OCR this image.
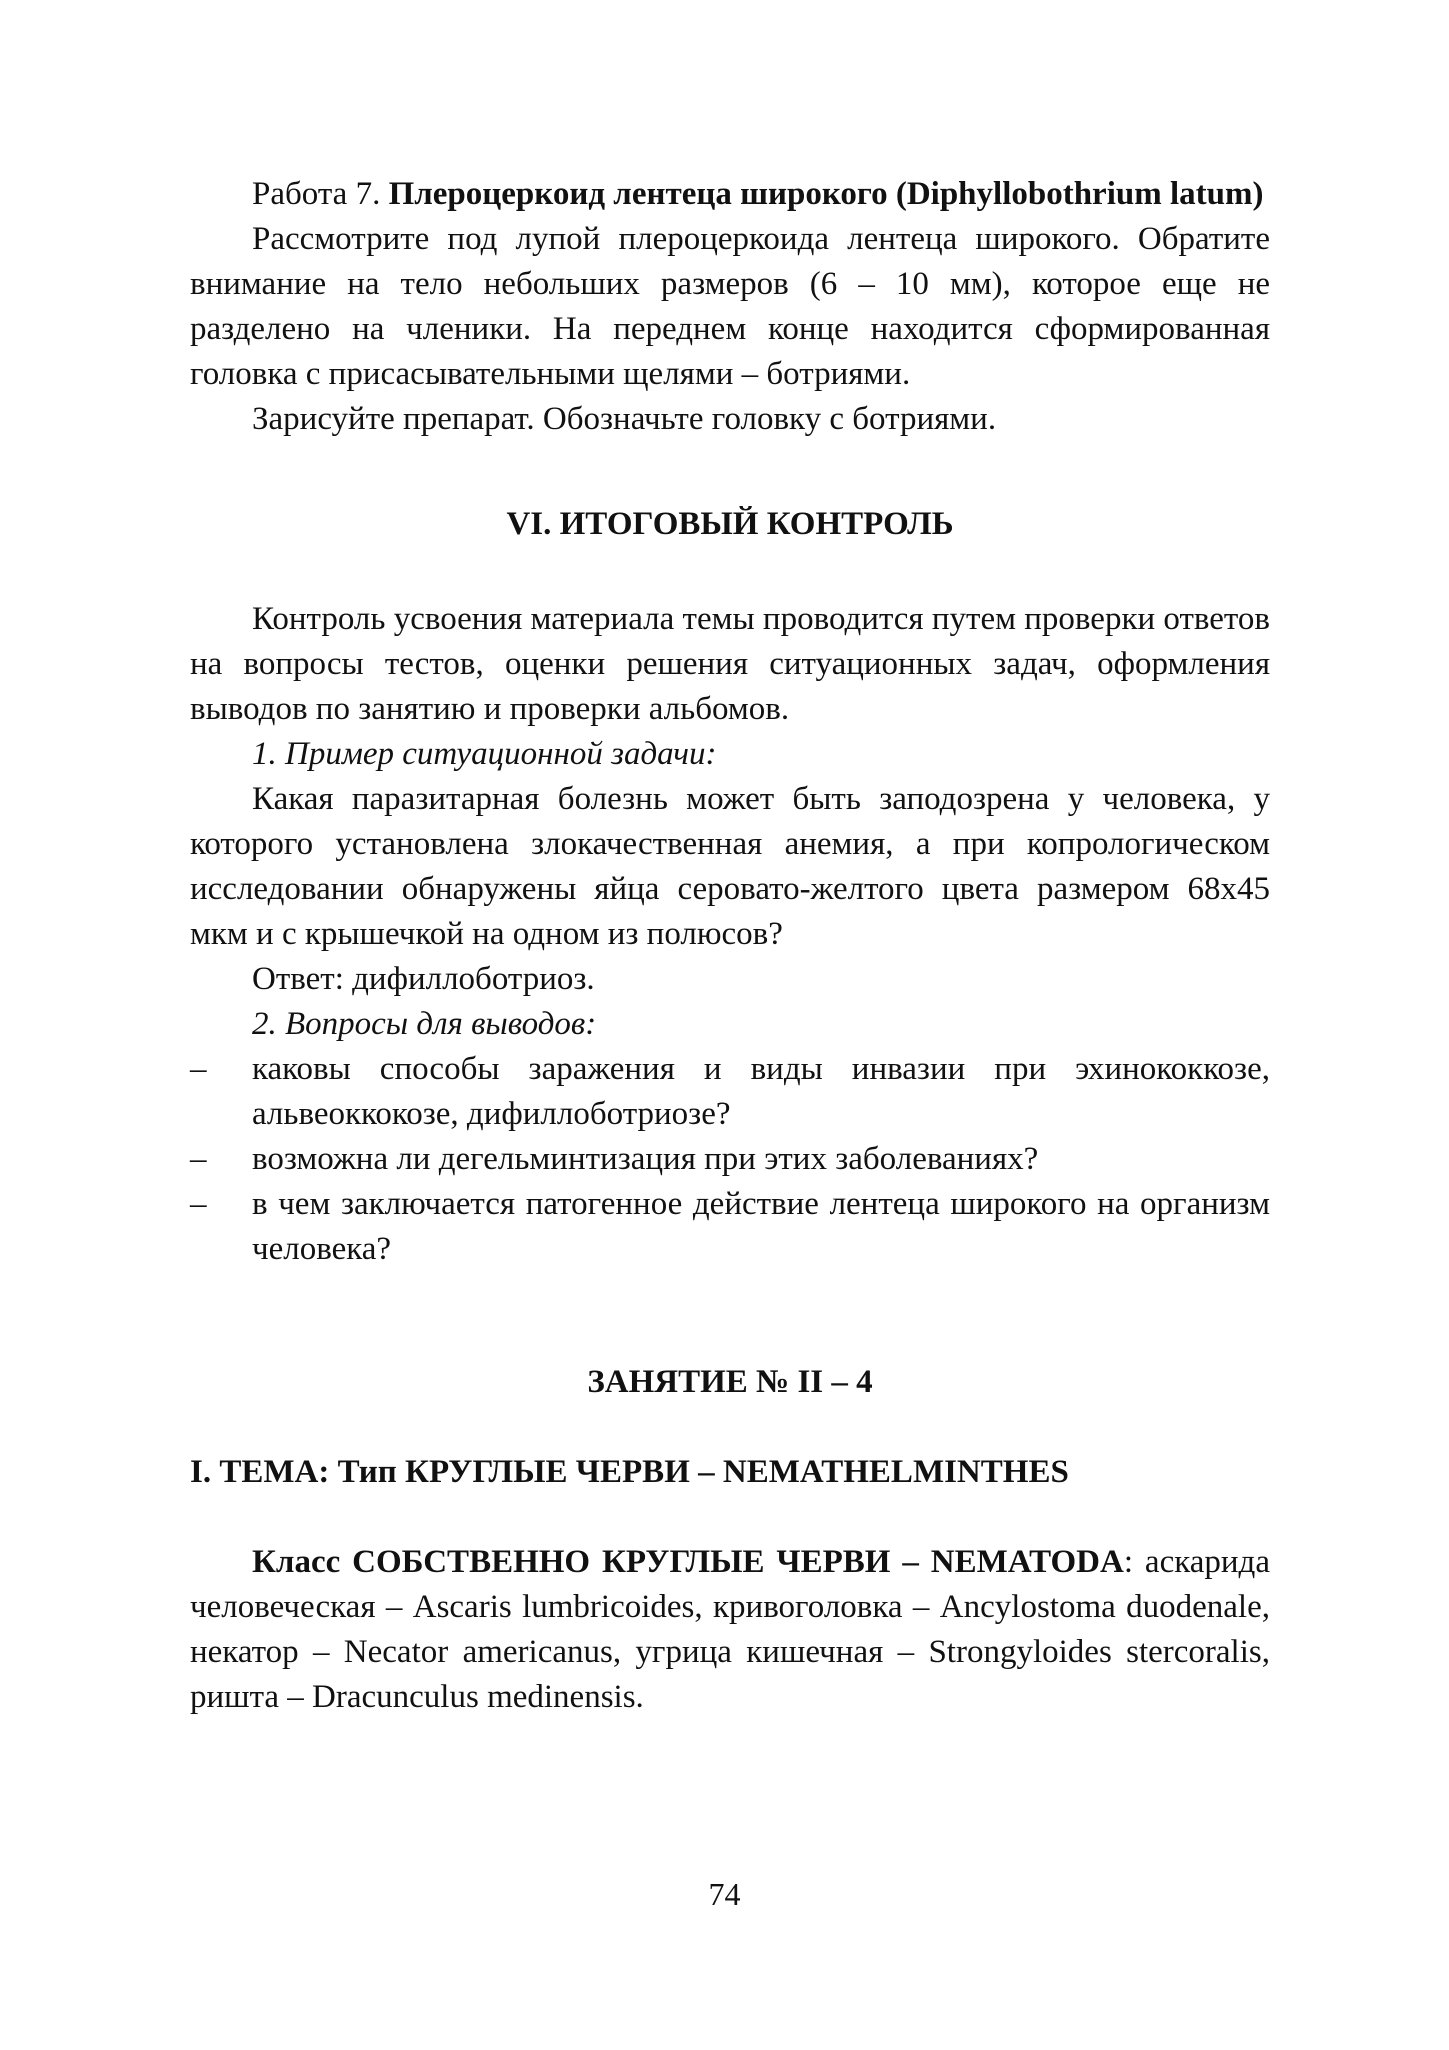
Работа 7. Плероцеркоид лентеца широкого (Diphyllobothrium latum)

Рассмотрите под лупой плероцеркоида лентеца широкого. Обратите внимание на тело небольших размеров (6 – 10 мм), которое еще не разделено на членики. На переднем конце находится сформированная головка с присасывательными щелями – ботриями.

Зарисуйте препарат. Обозначьте головку с ботриями.

VI. ИТОГОВЫЙ КОНТРОЛЬ

Контроль усвоения материала темы проводится путем проверки ответов на вопросы тестов, оценки решения ситуационных задач, оформления выводов по занятию и проверки альбомов.

1. Пример ситуационной задачи:

Какая паразитарная болезнь может быть заподозрена у человека, у которого установлена злокачественная анемия, а при копрологическом исследовании обнаружены яйца серовато-желтого цвета размером 68х45 мкм и с крышечкой на одном из полюсов?

Ответ: дифиллоботриоз.

2. Вопросы для выводов:

– каковы способы заражения и виды инвазии при эхинококкозе, альвеоккокозе, дифиллоботриозе?
– возможна ли дегельминтизация при этих заболеваниях?
– в чем заключается патогенное действие лентеца широкого на организм человека?

ЗАНЯТИЕ № II – 4

I. ТЕМА: Тип КРУГЛЫЕ ЧЕРВИ – NEMATHELMINTHES

Класс СОБСТВЕННО КРУГЛЫЕ ЧЕРВИ – NEMATODA: аскарида человеческая – Ascaris lumbricoides, кривоголовка – Ancylostoma duodenale, некатор – Necator americanus, угрица кишечная – Strongyloides stercoralis, ришта – Dracunculus medinensis.

74
